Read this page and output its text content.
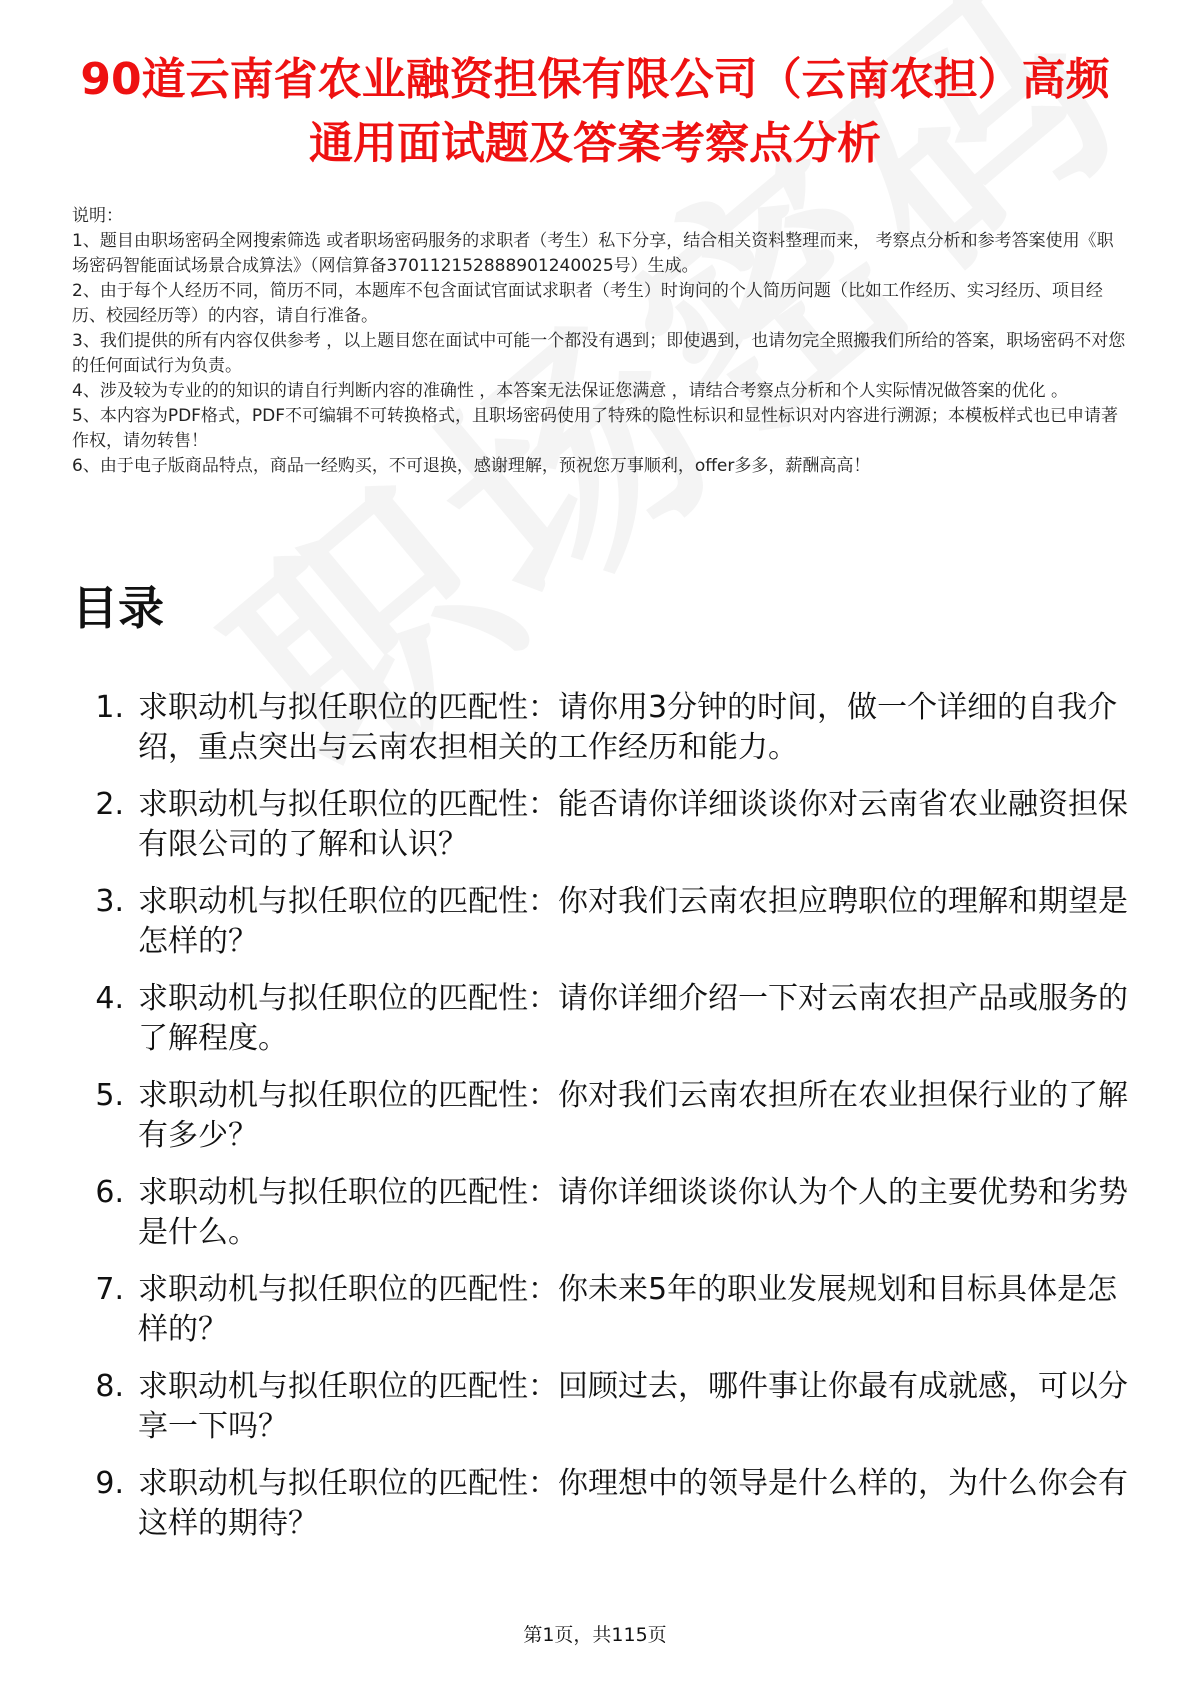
90道云南省农业融资担保有限公司（云南农担）高频通用面试题及答案考察点分析

说明：

1、题目由职场密码全网搜索筛选 或者职场密码服务的求职者（考生）私下分享，结合相关资料整理而来， 考察点分析和参考答案使用《职场密码智能面试场景合成算法》（网信算备370112152888901240025号）生成。

2、由于每个人经历不同，简历不同，本题库不包含面试官面试求职者（考生）时询问的个人简历问题（比如工作经历、实习经历、项目经历、校园经历等）的内容，请自行准备。

3、我们提供的所有内容仅供参考 ，以上题目您在面试中可能一个都没有遇到；即使遇到，也请勿完全照搬我们所给的答案，职场密码不对您的任何面试行为负责。

4、涉及较为专业的的知识的请自行判断内容的准确性 ，本答案无法保证您满意 ，请结合考察点分析和个人实际情况做答案的优化 。

5、本内容为PDF格式，PDF不可编辑不可转换格式，且职场密码使用了特殊的隐性标识和显性标识对内容进行溯源；本模板样式也已申请著作权，请勿转售！

6、由于电子版商品特点，商品一经购买，不可退换，感谢理解，预祝您万事顺利，offer多多，薪酬高高！

目录
1. 求职动机与拟任职位的匹配性：请你用3分钟的时间，做一个详细的自我介绍，重点突出与云南农担相关的工作经历和能力。
2. 求职动机与拟任职位的匹配性：能否请你详细谈谈你对云南省农业融资担保有限公司的了解和认识？
3. 求职动机与拟任职位的匹配性：你对我们云南农担应聘职位的理解和期望是怎样的？
4. 求职动机与拟任职位的匹配性：请你详细介绍一下对云南农担产品或服务的了解程度。
5. 求职动机与拟任职位的匹配性：你对我们云南农担所在农业担保行业的了解有多少？
6. 求职动机与拟任职位的匹配性：请你详细谈谈你认为个人的主要优势和劣势是什么。
7. 求职动机与拟任职位的匹配性：你未来5年的职业发展规划和目标具体是怎样的？
8. 求职动机与拟任职位的匹配性：回顾过去，哪件事让你最有成就感，可以分享一下吗？
9. 求职动机与拟任职位的匹配性：你理想中的领导是什么样的，为什么你会有这样的期待？
第1页，共115页
